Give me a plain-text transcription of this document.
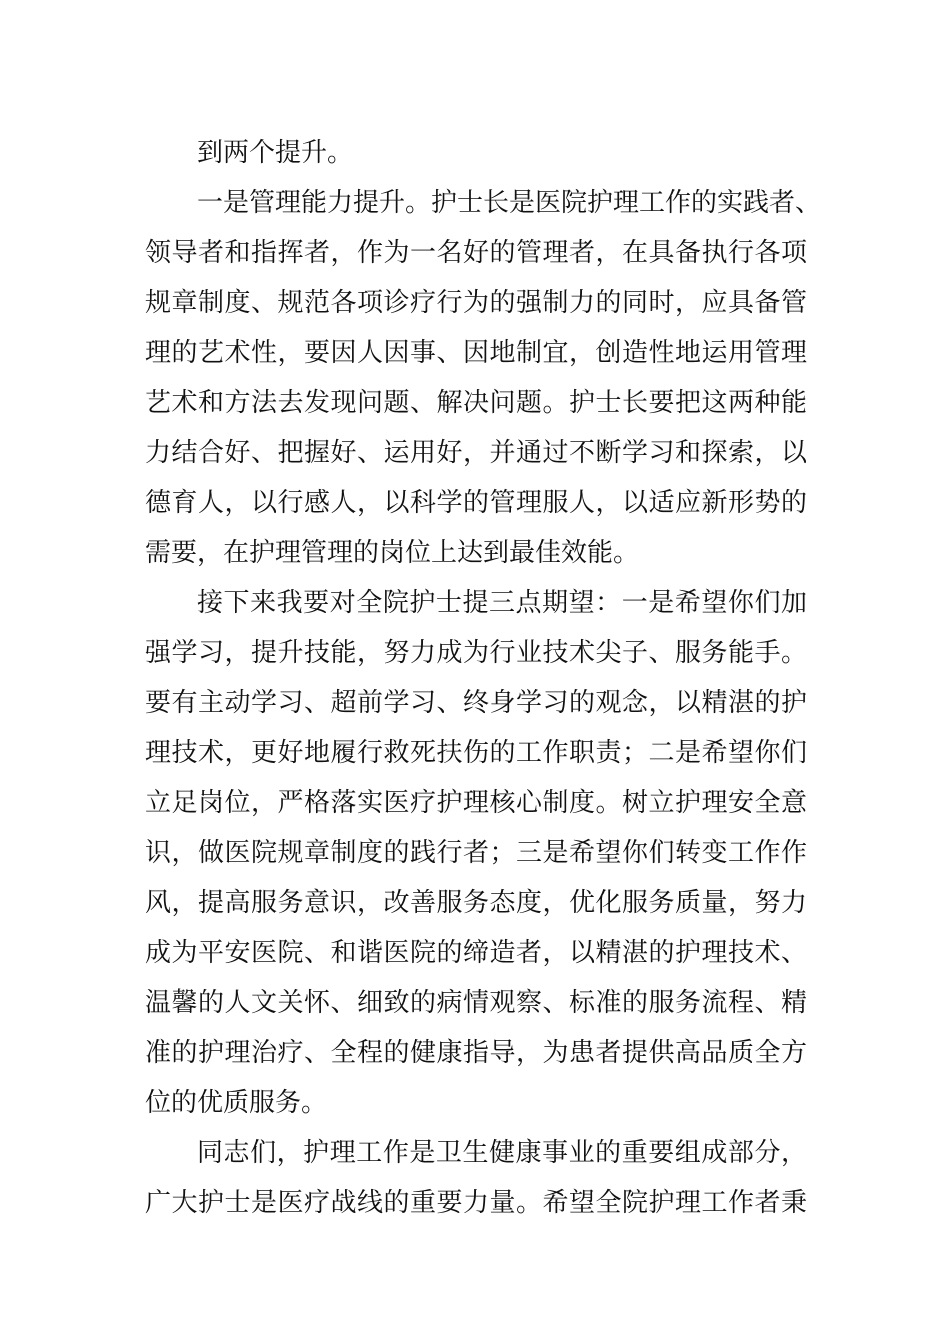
到两个提升。
一是管理能力提升。护士长是医院护理工作的实践者、
领导者和指挥者，作为一名好的管理者，在具备执行各项
规章制度、规范各项诊疗行为的强制力的同时，应具备管
理的艺术性，要因人因事、因地制宜，创造性地运用管理
艺术和方法去发现问题、解决问题。护士长要把这两种能
力结合好、把握好、运用好，并通过不断学习和探索，以
德育人，以行感人，以科学的管理服人，以适应新形势的
需要，在护理管理的岗位上达到最佳效能。
接下来我要对全院护士提三点期望：一是希望你们加
强学习，提升技能，努力成为行业技术尖子、服务能手。
要有主动学习、超前学习、终身学习的观念，以精湛的护
理技术，更好地履行救死扶伤的工作职责；二是希望你们
立足岗位，严格落实医疗护理核心制度。树立护理安全意
识，做医院规章制度的践行者；三是希望你们转变工作作
风，提高服务意识，改善服务态度，优化服务质量，努力
成为平安医院、和谐医院的缔造者，以精湛的护理技术、
温馨的人文关怀、细致的病情观察、标准的服务流程、精
准的护理治疗、全程的健康指导，为患者提供高品质全方
位的优质服务。
同志们，护理工作是卫生健康事业的重要组成部分，
广大护士是医疗战线的重要力量。希望全院护理工作者秉
